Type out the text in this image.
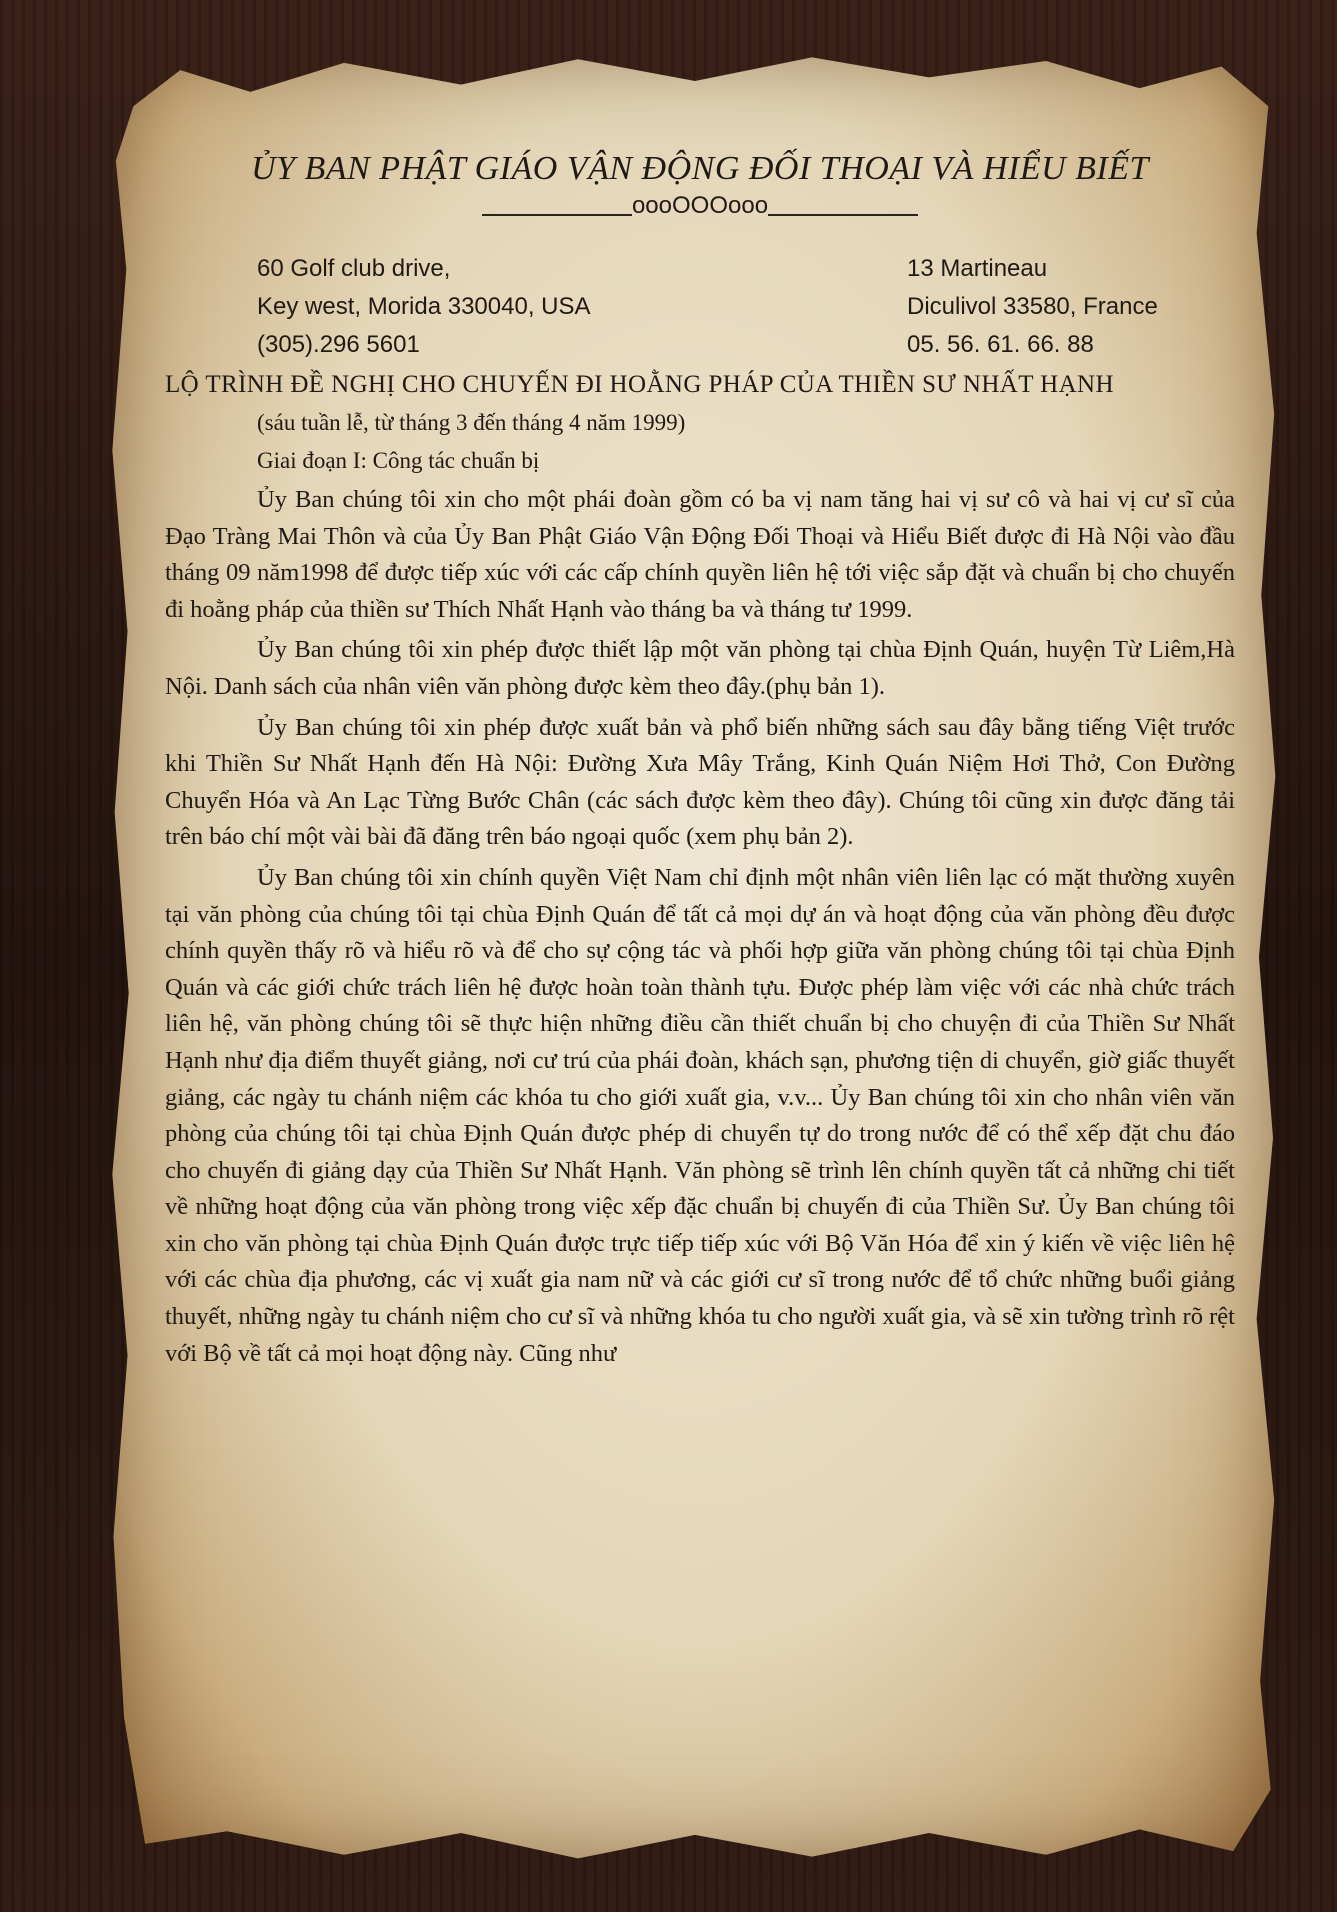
ỦY BAN PHẬT GIÁO VẬN ĐỘNG ĐỐI THOẠI VÀ HIỂU BIẾT
oooOOOooo
60 Golf club drive,
Key west, Morida 330040, USA
(305).296 5601
13 Martineau
Diculivol 33580, France
05. 56. 61. 66. 88
LỘ TRÌNH ĐỀ NGHỊ CHO CHUYẾN ĐI HOẰNG PHÁP CỦA THIỀN SƯ NHẤT HẠNH
(sáu tuần lễ, từ tháng 3 đến tháng 4 năm 1999)
Giai đoạn I: Công tác chuẩn bị

Ủy Ban chúng tôi xin cho một phái đoàn gồm có ba vị nam tăng hai vị sư cô và hai vị cư sĩ của Đạo Tràng Mai Thôn và của Ủy Ban Phật Giáo Vận Động Đối Thoại và Hiểu Biết được đi Hà Nội vào đầu tháng 09 năm1998 để được tiếp xúc với các cấp chính quyền liên hệ tới việc sắp đặt và chuẩn bị cho chuyến đi hoằng pháp của thiền sư Thích Nhất Hạnh vào tháng ba và tháng tư 1999.

Ủy Ban chúng tôi xin phép được thiết lập một văn phòng tại chùa Định Quán, huyện Từ Liêm,Hà Nội. Danh sách của nhân viên văn phòng được kèm theo đây.(phụ bản 1).

Ủy Ban chúng tôi xin phép được xuất bản và phổ biến những sách sau đây bằng tiếng Việt trước khi Thiền Sư Nhất Hạnh đến Hà Nội: Đường Xưa Mây Trắng, Kinh Quán Niệm Hơi Thở, Con Đường Chuyển Hóa và An Lạc Từng Bước Chân (các sách được kèm theo đây). Chúng tôi cũng xin được đăng tải trên báo chí một vài bài đã đăng trên báo ngoại quốc (xem phụ bản 2).

Ủy Ban chúng tôi xin chính quyền Việt Nam chỉ định một nhân viên liên lạc có mặt thường xuyên tại văn phòng của chúng tôi tại chùa Định Quán để tất cả mọi dự án và hoạt động của văn phòng đều được chính quyền thấy rõ và hiểu rõ và để cho sự cộng tác và phối hợp giữa văn phòng chúng tôi tại chùa Định Quán và các giới chức trách liên hệ được hoàn toàn thành tựu. Được phép làm việc với các nhà chức trách liên hệ, văn phòng chúng tôi sẽ thực hiện những điều cần thiết chuẩn bị cho chuyện đi của Thiền Sư Nhất Hạnh như địa điểm thuyết giảng, nơi cư trú của phái đoàn, khách sạn, phương tiện di chuyển, giờ giấc thuyết giảng, các ngày tu chánh niệm các khóa tu cho giới xuất gia, v.v... Ủy Ban chúng tôi xin cho nhân viên văn phòng của chúng tôi tại chùa Định Quán được phép di chuyển tự do trong nước để có thể xếp đặt chu đáo cho chuyến đi giảng dạy của Thiền Sư Nhất Hạnh. Văn phòng sẽ trình lên chính quyền tất cả những chi tiết về những hoạt động của văn phòng trong việc xếp đặc chuẩn bị chuyến đi của Thiền Sư. Ủy Ban chúng tôi xin cho văn phòng tại chùa Định Quán được trực tiếp tiếp xúc với Bộ Văn Hóa để xin ý kiến về việc liên hệ với các chùa địa phương, các vị xuất gia nam nữ và các giới cư sĩ trong nước để tổ chức những buổi giảng thuyết, những ngày tu chánh niệm cho cư sĩ và những khóa tu cho người xuất gia, và sẽ xin tường trình rõ rệt với Bộ về tất cả mọi hoạt động này. Cũng như
